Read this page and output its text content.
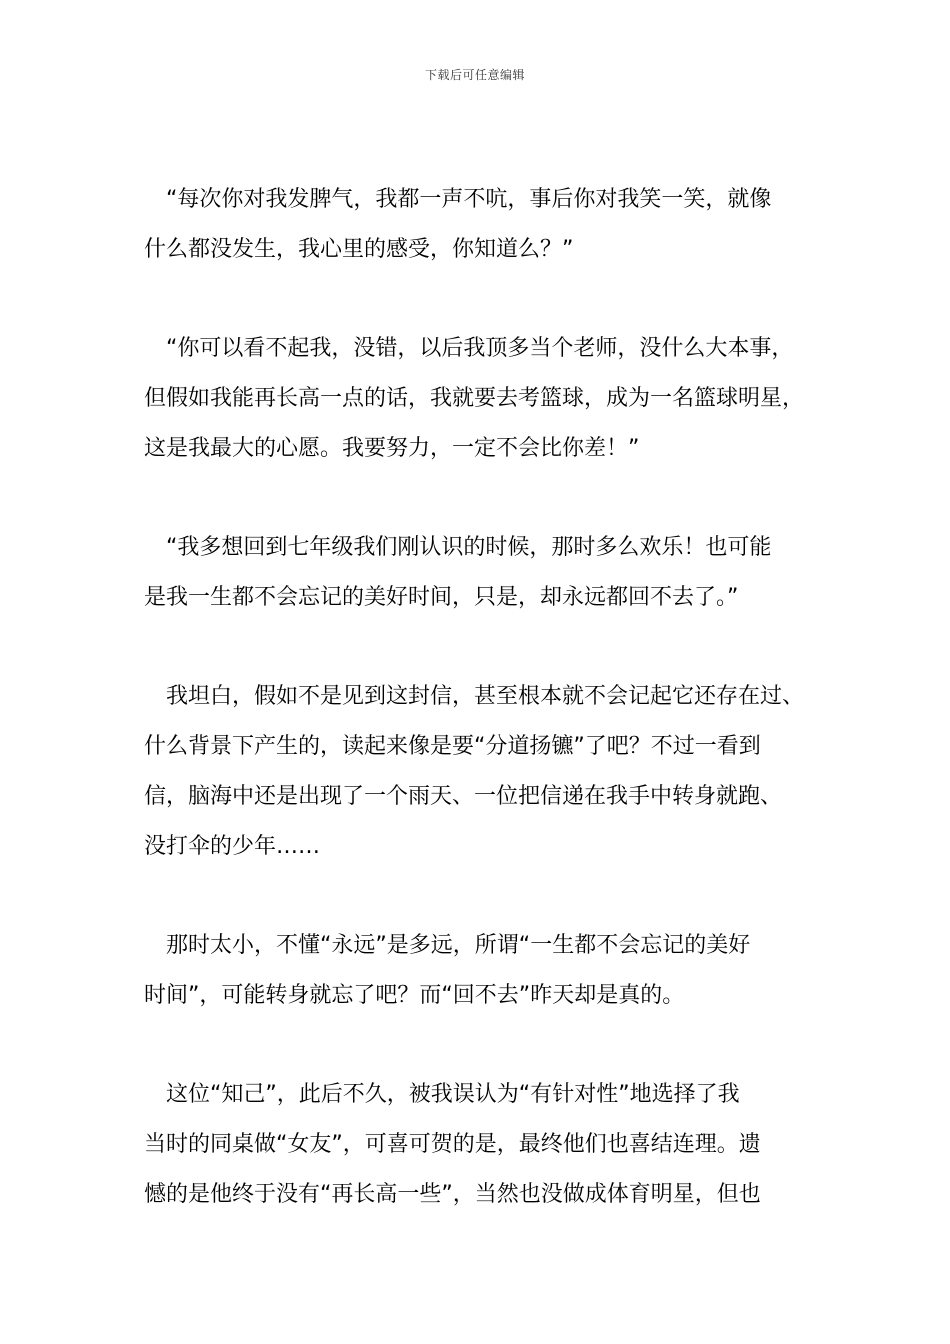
下载后可任意编辑
　“每次你对我发脾气，我都一声不吭，事后你对我笑一笑，就像
什么都没发生，我心里的感受，你知道么？”
　“你可以看不起我，没错，以后我顶多当个老师，没什么大本事，
但假如我能再长高一点的话，我就要去考篮球，成为一名篮球明星，
这是我最大的心愿。我要努力，一定不会比你差！”
　“我多想回到七年级我们刚认识的时候，那时多么欢乐！也可能
是我一生都不会忘记的美好时间，只是，却永远都回不去了。”
　我坦白，假如不是见到这封信，甚至根本就不会记起它还存在过、
什么背景下产生的，读起来像是要“分道扬镳”了吧？不过一看到
信，脑海中还是出现了一个雨天、一位把信递在我手中转身就跑、
没打伞的少年……
　那时太小，不懂“永远”是多远，所谓“一生都不会忘记的美好
时间”，可能转身就忘了吧？而“回不去”昨天却是真的。
　这位“知己”，此后不久，被我误认为“有针对性”地选择了我
当时的同桌做“女友”，可喜可贺的是，最终他们也喜结连理。遗
憾的是他终于没有“再长高一些”，当然也没做成体育明星，但也
